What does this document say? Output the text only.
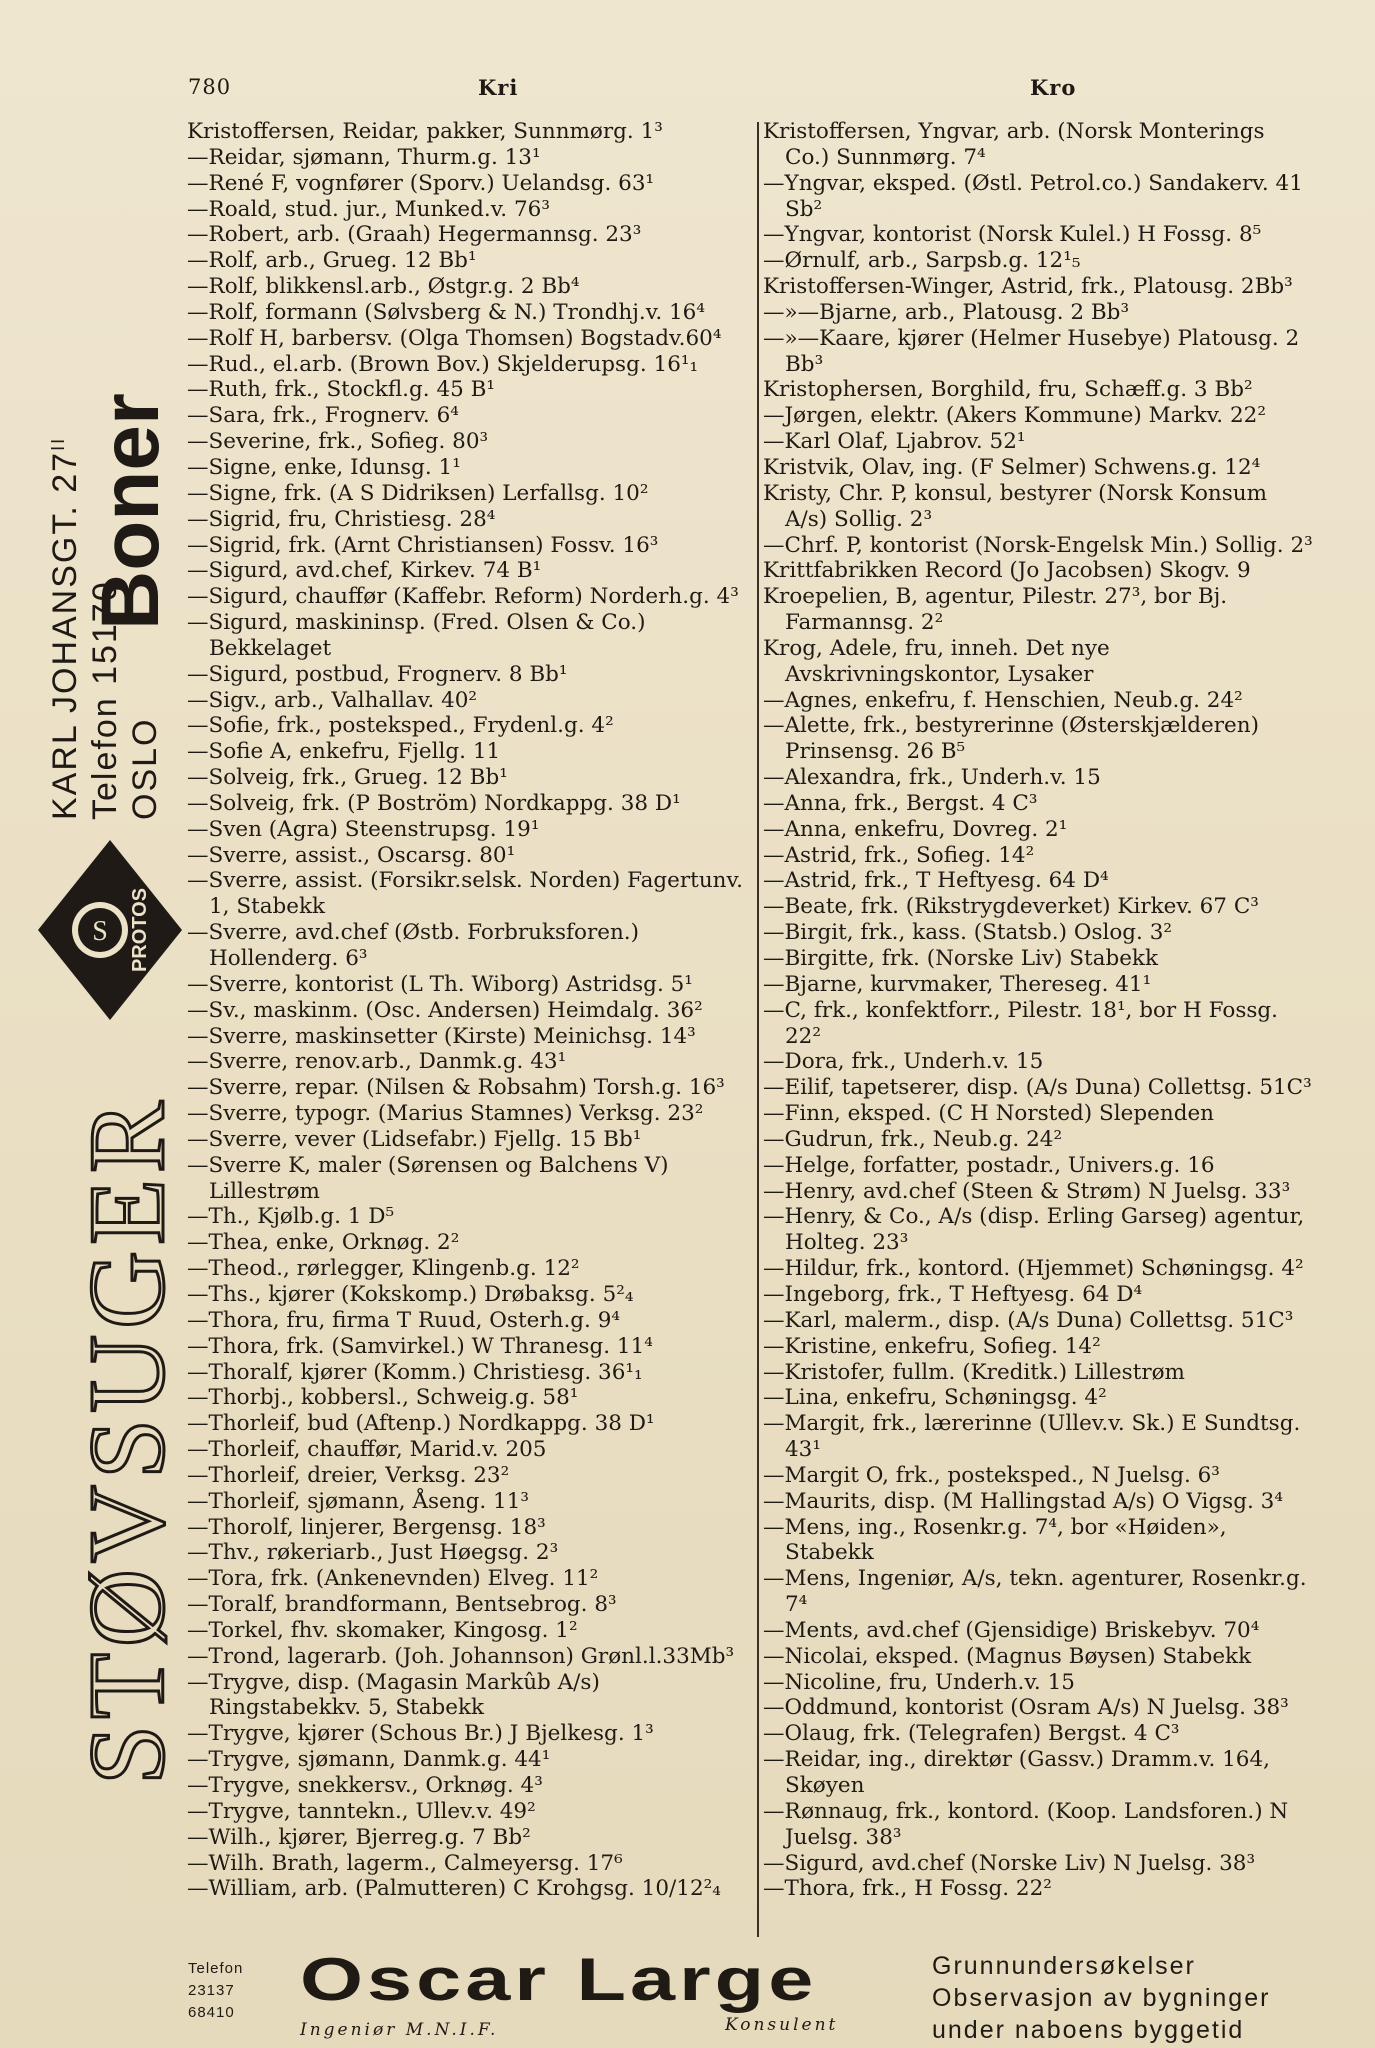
780	Kri	Kro
Boner
KARL JOHANSGT. $27^{II}$
Telefon 15170 OSLO
S PROTOS
STØVSUGER
Kristoffersen, Reidar, pakker, Sunnmørg. 1³
—Reidar, sjømann, Thurm.g. 13¹
—René F, vognfører (Sporv.) Uelandsg. 63¹
—Roald, stud. jur., Munked.v. 76³
—Robert, arb. (Graah) Hegermannsg. 23³
—Rolf, arb., Grueg. 12 Bb¹
—Rolf, blikkensl.arb., Østgr.g. 2 Bb⁴
—Rolf, formann (Sølvsberg & N.) Trondhj.v. 16⁴
—Rolf H, barbersv. (Olga Thomsen) Bogstadv.60⁴
—Rud., el.arb. (Brown Bov.) Skjelderupsg. 16¹₁
—Ruth, frk., Stockfl.g. 45 B¹
—Sara, frk., Frognerv. 6⁴
—Severine, frk., Sofieg. 80³
—Signe, enke, Idunsg. 1¹
—Signe, frk. (A S Didriksen) Lerfallsg. 10²
—Sigrid, fru, Christiesg. 28⁴
—Sigrid, frk. (Arnt Christiansen) Fossv. 16³
—Sigurd, avd.chef, Kirkev. 74 B¹
—Sigurd, chauffør (Kaffebr. Reform) Norderh.g. 4³
—Sigurd, maskininsp. (Fred. Olsen & Co.) Bekkelaget
—Sigurd, postbud, Frognerv. 8 Bb¹
—Sigv., arb., Valhallav. 40²
—Sofie, frk., posteksped., Frydenl.g. 4²
—Sofie A, enkefru, Fjellg. 11
—Solveig, frk., Grueg. 12 Bb¹
—Solveig, frk. (P Boström) Nordkappg. 38 D¹
—Sven (Agra) Steenstrupsg. 19¹
—Sverre, assist., Oscarsg. 80¹
—Sverre, assist. (Forsikr.selsk. Norden) Fagertunv. 1, Stabekk
—Sverre, avd.chef (Østb. Forbruksforen.) Hollenderg. 6³
—Sverre, kontorist (L Th. Wiborg) Astridsg. 5¹
—Sv., maskinm. (Osc. Andersen) Heimdalg. 36²
—Sverre, maskinsetter (Kirste) Meinichsg. 14³
—Sverre, renov.arb., Danmk.g. 43¹
—Sverre, repar. (Nilsen & Robsahm) Torsh.g. 16³
—Sverre, typogr. (Marius Stamnes) Verksg. 23²
—Sverre, vever (Lidsefabr.) Fjellg. 15 Bb¹
—Sverre K, maler (Sørensen og Balchens V) Lillestrøm
—Th., Kjølb.g. 1 D⁵
—Thea, enke, Orknøg. 2²
—Theod., rørlegger, Klingenb.g. 12²
—Ths., kjører (Kokskomp.) Drøbaksg. 5²₄
—Thora, fru, firma T Ruud, Osterh.g. 9⁴
—Thora, frk. (Samvirkel.) W Thranesg. 11⁴
—Thoralf, kjører (Komm.) Christiesg. 36¹₁
—Thorbj., kobbersl., Schweig.g. 58¹
—Thorleif, bud (Aftenp.) Nordkappg. 38 D¹
—Thorleif, chauffør, Marid.v. 205
—Thorleif, dreier, Verksg. 23²
—Thorleif, sjømann, Åseng. 11³
—Thorolf, linjerer, Bergensg. 18³
—Thv., røkeriarb., Just Høegsg. 2³
—Tora, frk. (Ankenevnden) Elveg. 11²
—Toralf, brandformann, Bentsebrog. 8³
—Torkel, fhv. skomaker, Kingosg. 1²
—Trond, lagerarb. (Joh. Johannson) Grønl.l.33Mb³
—Trygve, disp. (Magasin Markûb A/s) Ringstabekkv. 5, Stabekk
—Trygve, kjører (Schous Br.) J Bjelkesg. 1³
—Trygve, sjømann, Danmk.g. 44¹
—Trygve, snekkersv., Orknøg. 4³
—Trygve, tanntekn., Ullev.v. 49²
—Wilh., kjører, Bjerreg.g. 7 Bb²
—Wilh. Brath, lagerm., Calmeyersg. 17⁶
—William, arb. (Palmutteren) C Krohgsg. 10/12²₄
Kristoffersen, Yngvar, arb. (Norsk Monterings Co.) Sunnmørg. 7⁴
—Yngvar, eksped. (Østl. Petrol.co.) Sandakerv. 41 Sb²
—Yngvar, kontorist (Norsk Kulel.) H Fossg. 8⁵
—Ørnulf, arb., Sarpsb.g. 12¹₅
Kristoffersen-Winger, Astrid, frk., Platousg. 2Bb³
—»—Bjarne, arb., Platousg. 2 Bb³
—»—Kaare, kjører (Helmer Husebye) Platousg. 2 Bb³
Kristophersen, Borghild, fru, Schæff.g. 3 Bb²
—Jørgen, elektr. (Akers Kommune) Markv. 22²
—Karl Olaf, Ljabrov. 52¹
Kristvik, Olav, ing. (F Selmer) Schwens.g. 12⁴
Kristy, Chr. P, konsul, bestyrer (Norsk Konsum A/s) Sollig. 2³
—Chrf. P, kontorist (Norsk-Engelsk Min.) Sollig. 2³
Krittfabrikken Record (Jo Jacobsen) Skogv. 9
Kroepelien, B, agentur, Pilestr. 27³, bor Bj. Farmannsg. 2²
Krog, Adele, fru, inneh. Det nye Avskrivningskontor, Lysaker
—Agnes, enkefru, f. Henschien, Neub.g. 24²
—Alette, frk., bestyrerinne (Østerskjælderen) Prinsensg. 26 B⁵
—Alexandra, frk., Underh.v. 15
—Anna, frk., Bergst. 4 C³
—Anna, enkefru, Dovreg. 2¹
—Astrid, frk., Sofieg. 14²
—Astrid, frk., T Heftyesg. 64 D⁴
—Beate, frk. (Rikstrygdeverket) Kirkev. 67 C³
—Birgit, frk., kass. (Statsb.) Oslog. 3²
—Birgitte, frk. (Norske Liv) Stabekk
—Bjarne, kurvmaker, Thereseg. 41¹
—C, frk., konfektforr., Pilestr. 18¹, bor H Fossg. 22²
—Dora, frk., Underh.v. 15
—Eilif, tapetserer, disp. (A/s Duna) Collettsg. 51C³
—Finn, eksped. (C H Norsted) Slependen
—Gudrun, frk., Neub.g. 24²
—Helge, forfatter, postadr., Univers.g. 16
—Henry, avd.chef (Steen & Strøm) N Juelsg. 33³
—Henry, & Co., A/s (disp. Erling Garseg) agentur, Holteg. 23³
—Hildur, frk., kontord. (Hjemmet) Schøningsg. 4²
—Ingeborg, frk., T Heftyesg. 64 D⁴
—Karl, malerm., disp. (A/s Duna) Collettsg. 51C³
—Kristine, enkefru, Sofieg. 14²
—Kristofer, fullm. (Kreditk.) Lillestrøm
—Lina, enkefru, Schøningsg. 4²
—Margit, frk., lærerinne (Ullev.v. Sk.) E Sundtsg. 43¹
—Margit O, frk., posteksped., N Juelsg. 6³
—Maurits, disp. (M Hallingstad A/s) O Vigsg. 3⁴
—Mens, ing., Rosenkr.g. 7⁴, bor «Høiden», Stabekk
—Mens, Ingeniør, A/s, tekn. agenturer, Rosenkr.g. 7⁴
—Ments, avd.chef (Gjensidige) Briskebyv. 70⁴
—Nicolai, eksped. (Magnus Bøysen) Stabekk
—Nicoline, fru, Underh.v. 15
—Oddmund, kontorist (Osram A/s) N Juelsg. 38³
—Olaug, frk. (Telegrafen) Bergst. 4 C³
—Reidar, ing., direktør (Gassv.) Dramm.v. 164, Skøyen
—Rønnaug, frk., kontord. (Koop. Landsforen.) N Juelsg. 38³
—Sigurd, avd.chef (Norske Liv) N Juelsg. 38³
—Thora, frk., H Fossg. 22²
Telefon
23137
68410 Oscar Large
Ingeniør M.N.I.F.	Konsulent
Grunnundersøkelser
Observasjon av bygninger
under naboens byggetid
